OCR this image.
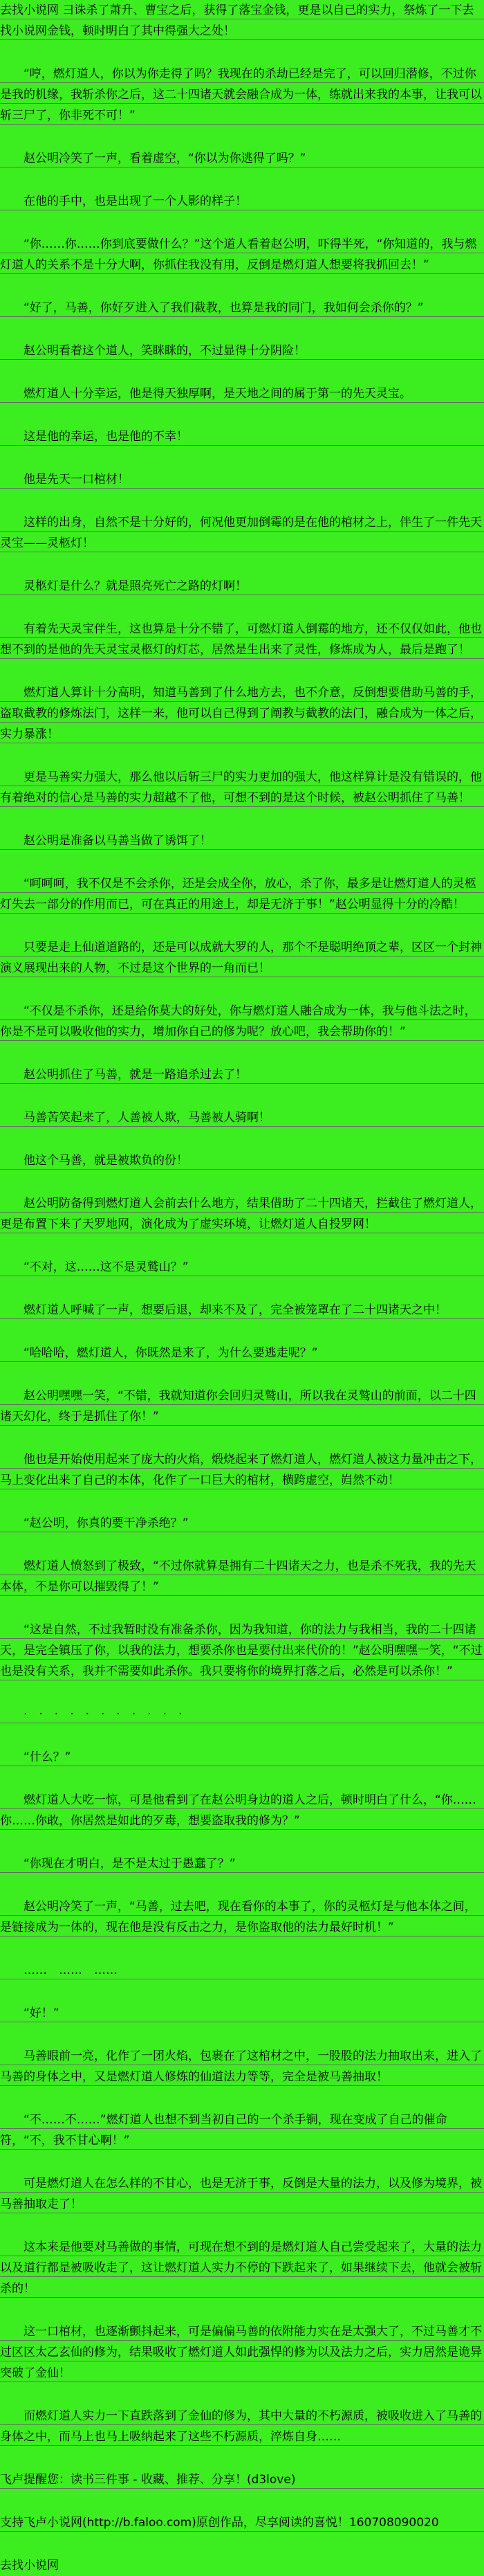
去找小说网 彐诛杀了萧升、曹宝之后，获得了落宝金钱，更是以自己的实力，祭炼了一下去找小说网金钱，顿时明白了其中得强大之处！

“哼，燃灯道人，你以为你走得了吗？我现在的杀劫已经是完了，可以回归潜修，不过你是我的机缘，我斩杀你之后，这二十四诸天就会融合成为一体，练就出来我的本事，让我可以斩三尸了，你非死不可！”

赵公明冷笑了一声，看着虚空，“你以为你逃得了吗？”

在他的手中，也是出现了一个人影的样子！

“你……你……你到底要做什么？”这个道人看着赵公明，吓得半死，“你知道的，我与燃灯道人的关系不是十分大啊，你抓住我没有用，反倒是燃灯道人想要将我抓回去！”

“好了，马善，你好歹进入了我们截教，也算是我的同门，我如何会杀你的？”

赵公明看着这个道人，笑眯眯的，不过显得十分阴险！

燃灯道人十分幸运，他是得天独厚啊，是天地之间的属于第一的先天灵宝。

这是他的幸运，也是他的不幸！

他是先天一口棺材！

这样的出身，自然不是十分好的，何况他更加倒霉的是在他的棺材之上，伴生了一件先天灵宝——灵柩灯！

灵柩灯是什么？就是照亮死亡之路的灯啊！

有着先天灵宝伴生，这也算是十分不错了，可燃灯道人倒霉的地方，还不仅仅如此，他也想不到的是他的先天灵宝灵柩灯的灯芯，居然是生出来了灵性，修炼成为人，最后是跑了！

燃灯道人算计十分高明，知道马善到了什么地方去，也不介意，反倒想要借助马善的手，盗取截教的修炼法门，这样一来，他可以自己得到了阐教与截教的法门，融合成为一体之后，实力暴涨！

更是马善实力强大，那么他以后斩三尸的实力更加的强大，他这样算计是没有错误的，他有着绝对的信心是马善的实力超越不了他，可想不到的是这个时候，被赵公明抓住了马善！

赵公明是准备以马善当做了诱饵了！

“呵呵呵，我不仅是不会杀你，还是会成全你，放心，杀了你，最多是让燃灯道人的灵柩灯失去一部分的作用而已，可在真正的用途上，却是无济于事！”赵公明显得十分的冷酷！

只要是走上仙道道路的，还是可以成就大罗的人，那个不是聪明绝顶之辈，区区一个封神演义展现出来的人物，不过是这个世界的一角而已！

“不仅是不杀你，还是给你莫大的好处，你与燃灯道人融合成为一体，我与他斗法之时，你是不是可以吸收他的实力，增加你自己的修为呢？放心吧，我会帮助你的！”

赵公明抓住了马善，就是一路追杀过去了！

马善苦笑起来了，人善被人欺，马善被人骑啊！

他这个马善，就是被欺负的份！

赵公明防备得到燃灯道人会前去什么地方，结果借助了二十四诸天，拦截住了燃灯道人，更是布置下来了天罗地网，演化成为了虚实环境，让燃灯道人自投罗网！

“不对，这……这不是灵鹫山？”

燃灯道人呼喊了一声，想要后退，却来不及了，完全被笼罩在了二十四诸天之中！

“哈哈哈，燃灯道人，你既然是来了，为什么要逃走呢？”

赵公明嘿嘿一笑，“不错，我就知道你会回归灵鹫山，所以我在灵鹫山的前面，以二十四诸天幻化，终于是抓住了你！”

他也是开始使用起来了庞大的火焰，煅烧起来了燃灯道人，燃灯道人被这力量冲击之下，马上变化出来了自己的本体，化作了一口巨大的棺材，横跨虚空，岿然不动！

“赵公明，你真的要干净杀绝？”

燃灯道人愤怒到了极致，“不过你就算是拥有二十四诸天之力，也是杀不死我，我的先天本体，不是你可以摧毁得了！”

“这是自然，不过我暂时没有准备杀你，因为我知道，你的法力与我相当，我的二十四诸天，是完全镇压了你，以我的法力，想要杀你也是要付出来代价的！”赵公明嘿嘿一笑，“不过也是没有关系，我并不需要如此杀你。我只要将你的境界打落之后，必然是可以杀你！”

·　·　·　·　·　·　·　·　·　·　·

“什么？”

燃灯道人大吃一惊，可是他看到了在赵公明身边的道人之后，顿时明白了什么，“你……你……你敢，你居然是如此的歹毒，想要盗取我的修为？”

“你现在才明白，是不是太过于愚蠢了？”

赵公明冷笑了一声，“马善，过去吧，现在看你的本事了，你的灵柩灯是与他本体之间，是链接成为一体的，现在他是没有反击之力，是你盗取他的法力最好时机！”

……　……　……

“好！”

马善眼前一亮，化作了一团火焰，包裹在了这棺材之中，一股股的法力抽取出来，进入了马善的身体之中，又是燃灯道人修炼的仙道法力等等，完全是被马善抽取！

“不……不……”燃灯道人也想不到当初自己的一个杀手锏，现在变成了自己的催命符，“不，我不甘心啊！”

可是燃灯道人在怎么样的不甘心，也是无济于事，反倒是大量的法力，以及修为境界，被马善抽取走了！

这本来是他要对马善做的事情，可现在想不到的是燃灯道人自己尝受起来了，大量的法力以及道行都是被吸收走了，这让燃灯道人实力不停的下跌起来了，如果继续下去，他就会被斩杀的！

这一口棺材，也逐渐颤抖起来，可是偏偏马善的依附能力实在是太强大了，不过马善才不过区区太乙玄仙的修为，结果吸收了燃灯道人如此强悍的修为以及法力之后，实力居然是诡异突破了金仙！

而燃灯道人实力一下直跌落到了金仙的修为，其中大量的不朽源质，被吸收进入了马善的身体之中，而马上也马上吸纳起来了这些不朽源质，淬炼自身……

飞卢提醒您：读书三件事 - 收藏、推荐、分享！(d3love)

支持飞卢小说网(http://b.faloo.com)原创作品，尽享阅读的喜悦！160708090020

去找小说网
